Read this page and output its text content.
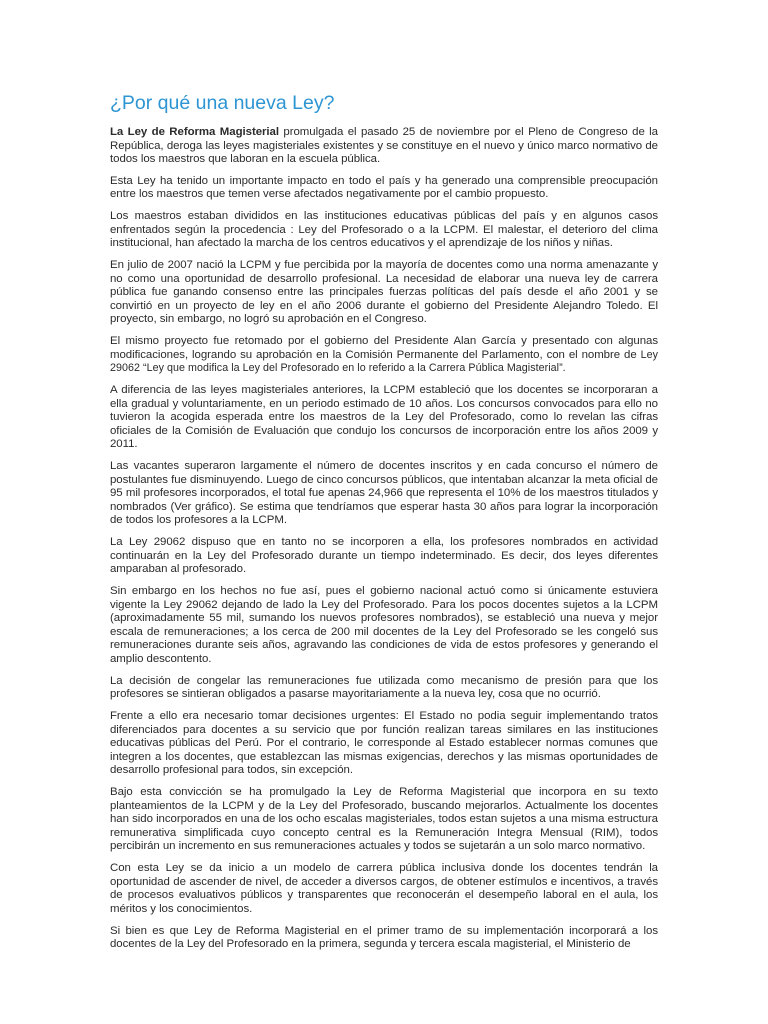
¿Por qué una nueva Ley?

La Ley de Reforma Magisterial promulgada el pasado 25 de noviembre por el Pleno de Congreso de la República, deroga las leyes magisteriales existentes y se constituye en el nuevo y único marco normativo de todos los maestros que laboran en la escuela pública.

Esta Ley ha tenido un importante impacto en todo el país y ha generado una comprensible preocupación entre los maestros que temen verse afectados negativamente por el cambio propuesto.

Los maestros estaban divididos en las instituciones educativas públicas del país y en algunos casos enfrentados según la procedencia : Ley del Profesorado o a la LCPM. El malestar, el deterioro del clima institucional, han afectado la marcha de los centros educativos y el aprendizaje de los niños y niñas.

En julio de 2007 nació la LCPM y fue percibida por la mayoría de docentes como una norma amenazante y no como una oportunidad de desarrollo profesional. La necesidad de elaborar una nueva ley de carrera pública fue ganando consenso entre las principales fuerzas políticas del país desde el año 2001 y se convirtió en un proyecto de ley en el año 2006 durante el gobierno del Presidente Alejandro Toledo. El proyecto, sin embargo, no logró su aprobación en el Congreso.

El mismo proyecto fue retomado por el gobierno del Presidente Alan García y presentado con algunas modificaciones, logrando su aprobación en la Comisión Permanente del Parlamento, con el nombre de Ley 29062 “Ley que modifica la Ley del Profesorado en lo referido a la Carrera Pública Magisterial”.

A diferencia de las leyes magisteriales anteriores, la LCPM estableció que los docentes se incorporaran a ella gradual y voluntariamente, en un periodo estimado de 10 años. Los concursos convocados para ello no tuvieron la acogida esperada entre los maestros de la Ley del Profesorado, como lo revelan las cifras oficiales de la Comisión de Evaluación que condujo los concursos de incorporación entre los años 2009 y 2011.

Las vacantes superaron largamente el número de docentes inscritos y en cada concurso el número de postulantes fue disminuyendo. Luego de cinco concursos públicos, que intentaban alcanzar la meta oficial de 95 mil profesores incorporados, el total fue apenas 24,966 que representa el 10% de los maestros titulados y nombrados (Ver gráfico). Se estima que tendríamos que esperar hasta 30 años para lograr la incorporación de todos los profesores a la LCPM.

La Ley 29062 dispuso que en tanto no se incorporen a ella, los profesores nombrados en actividad continuarán en la Ley del Profesorado durante un tiempo indeterminado. Es decir, dos leyes diferentes amparaban al profesorado.

Sin embargo en los hechos no fue así, pues el gobierno nacional actuó como si únicamente estuviera vigente la Ley 29062 dejando de lado la Ley del Profesorado. Para los pocos docentes sujetos a la LCPM (aproximadamente 55 mil, sumando los nuevos profesores nombrados), se estableció una nueva y mejor escala de remuneraciones; a los cerca de 200 mil docentes de la Ley del Profesorado se les congeló sus remuneraciones durante seis años, agravando las condiciones de vida de estos profesores y generando el amplio descontento.

La decisión de congelar las remuneraciones fue utilizada como mecanismo de presión para que los profesores se sintieran obligados a pasarse mayoritariamente a la nueva ley, cosa que no ocurrió.

Frente a ello era necesario tomar decisiones urgentes: El Estado no podia seguir implementando tratos diferenciados para docentes a su servicio que por función realizan tareas similares en las instituciones educativas públicas del Perú. Por el contrario, le corresponde al Estado establecer normas comunes que integren a los docentes, que establezcan las mismas exigencias, derechos y las mismas oportunidades de desarrollo profesional para todos, sin excepción.

Bajo esta convicción se ha promulgado la Ley de Reforma Magisterial que incorpora en su texto planteamientos de la LCPM y de la Ley del Profesorado, buscando mejorarlos. Actualmente los docentes han sido incorporados en una de los ocho escalas magisteriales, todos estan sujetos a una misma estructura remunerativa simplificada cuyo concepto central es la Remuneración Integra Mensual (RIM), todos percibirán un incremento en sus remuneraciones actuales y todos se sujetarán a un solo marco normativo.

Con esta Ley se da inicio a un modelo de carrera pública inclusiva donde los docentes tendrán la oportunidad de ascender de nivel, de acceder a diversos cargos, de obtener estímulos e incentivos, a través de procesos evaluativos públicos y transparentes que reconocerán el desempeño laboral en el aula, los méritos y los conocimientos.

Si bien es que Ley de Reforma Magisterial en el primer tramo de su implementación incorporará a los docentes de la Ley del Profesorado en la primera, segunda y tercera escala magisterial, el Ministerio de
